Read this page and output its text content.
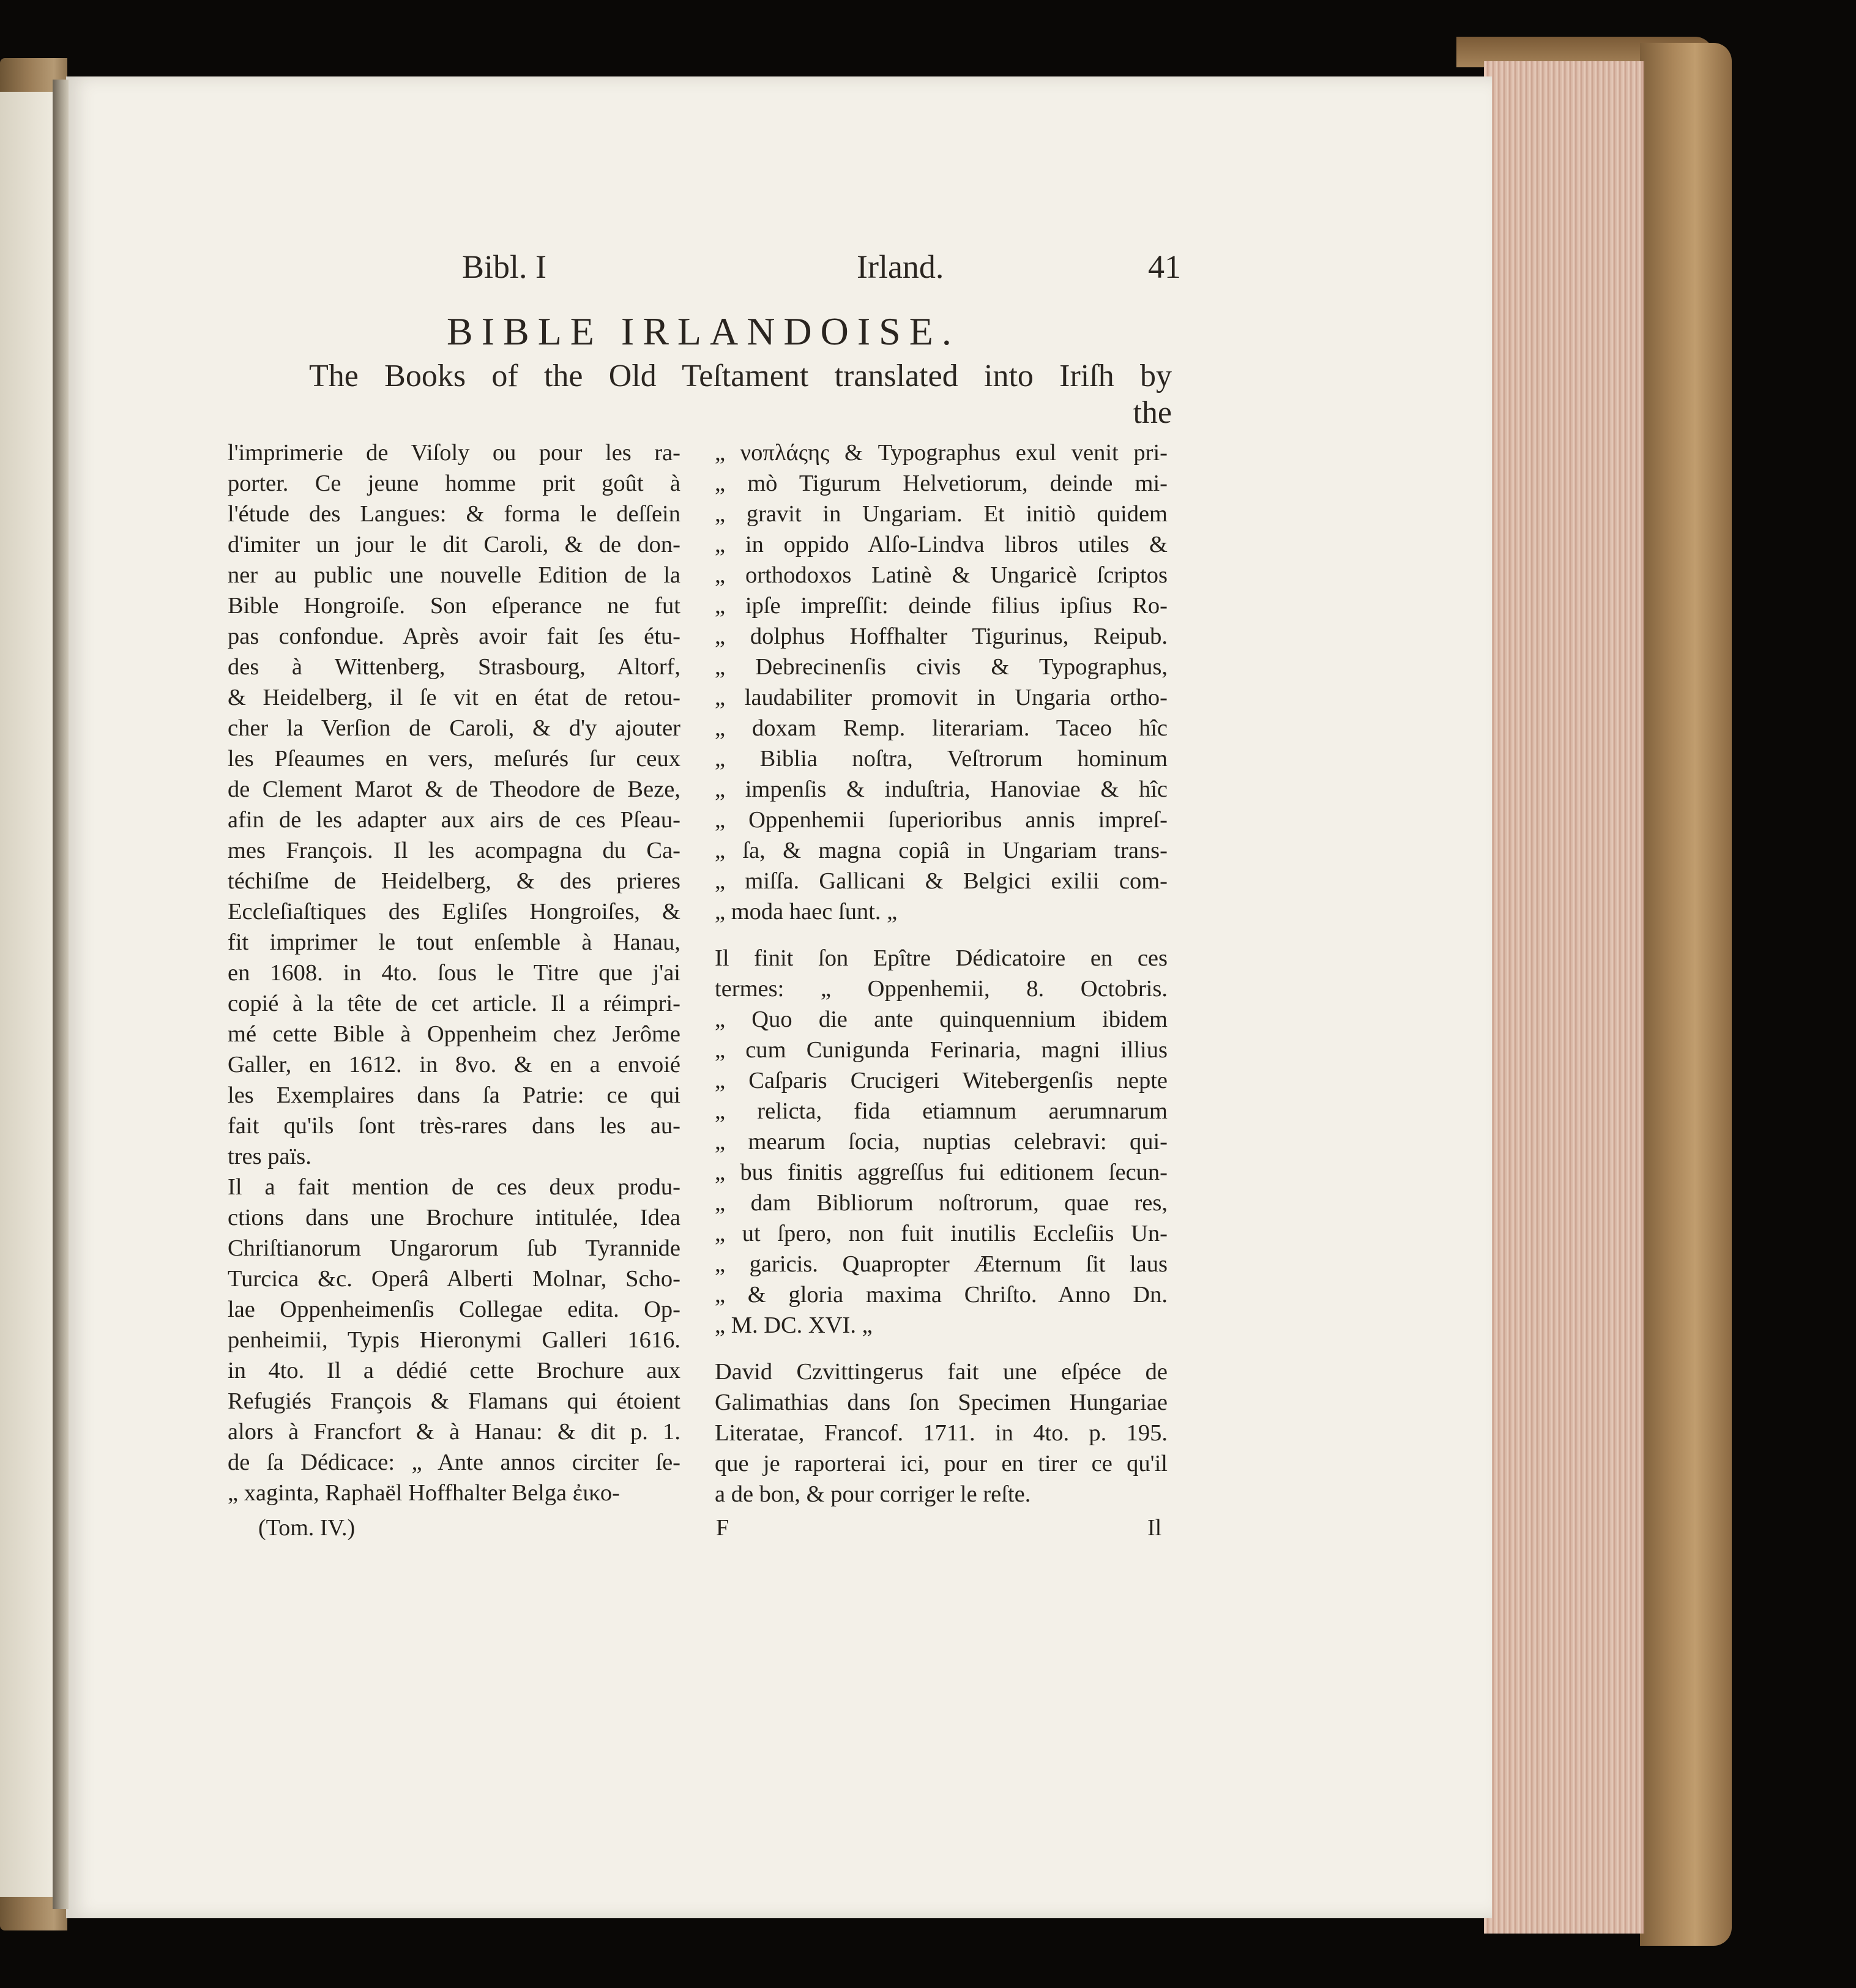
Bibl. I	Irland.	41
BIBLE IRLANDOISE.
The Books of the Old Teſtament translated into Iriſh by
the
l'imprimerie de Viſoly ou pour les ra-
porter. Ce jeune homme prit goût à
l'étude des Langues: & forma le deſſein
d'imiter un jour le dit Caroli, & de don-
ner au public une nouvelle Edition de la
Bible Hongroiſe. Son eſperance ne fut
pas confondue. Après avoir fait ſes étu-
des à Wittenberg, Strasbourg, Altorf,
& Heidelberg, il ſe vit en état de retou-
cher la Verſion de Caroli, & d'y ajouter
les Pſeaumes en vers, meſurés ſur ceux
de Clement Marot & de Theodore de Beze,
afin de les adapter aux airs de ces Pſeau-
mes François. Il les acompagna du Ca-
téchiſme de Heidelberg, & des prieres
Eccleſiaſtiques des Egliſes Hongroiſes, &
fit imprimer le tout enſemble à Hanau,
en 1608. in 4to. ſous le Titre que j'ai
copié à la tête de cet article. Il a réimpri-
mé cette Bible à Oppenheim chez Jerôme
Galler, en 1612. in 8vo. & en a envoié
les Exemplaires dans ſa Patrie: ce qui
fait qu'ils ſont très-rares dans les au-
tres païs.
Il a fait mention de ces deux produ-
ctions dans une Brochure intitulée, Idea
Chriſtianorum Ungarorum ſub Tyrannide
Turcica &c. Operâ Alberti Molnar, Scho-
lae Oppenheimenſis Collegae edita. Op-
penheimii, Typis Hieronymi Galleri 1616.
in 4to. Il a dédié cette Brochure aux
Refugiés François & Flamans qui étoient
alors à Francfort & à Hanau: & dit p. 1.
de ſa Dédicace: „ Ante annos circiter ſe-
„ xaginta, Raphaël Hoffhalter Belga ἐικο-
„ νοπλάςης & Typographus exul venit pri-
„ mò Tigurum Helvetiorum, deinde mi-
„ gravit in Ungariam. Et initiò quidem
„ in oppido Alſo-Lindva libros utiles &
„ orthodoxos Latinè & Ungaricè ſcriptos
„ ipſe impreſſit: deinde filius ipſius Ro-
„ dolphus Hoffhalter Tigurinus, Reipub.
„ Debrecinenſis civis & Typographus,
„ laudabiliter promovit in Ungaria ortho-
„ doxam Remp. literariam. Taceo hîc
„ Biblia noſtra, Veſtrorum hominum
„ impenſis & induſtria, Hanoviae & hîc
„ Oppenhemii ſuperioribus annis impreſ-
„ ſa, & magna copiâ in Ungariam trans-
„ miſſa. Gallicani & Belgici exilii com-
„ moda haec ſunt. „
Il finit ſon Epître Dédicatoire en ces
termes: „ Oppenhemii, 8. Octobris.
„ Quo die ante quinquennium ibidem
„ cum Cunigunda Ferinaria, magni illius
„ Caſparis Crucigeri Witebergenſis nepte
„ relicta, fida etiamnum aerumnarum
„ mearum ſocia, nuptias celebravi: qui-
„ bus finitis aggreſſus fui editionem ſecun-
„ dam Bibliorum noſtrorum, quae res,
„ ut ſpero, non fuit inutilis Eccleſiis Un-
„ garicis. Quapropter Æternum ſit laus
„ & gloria maxima Chriſto. Anno Dn.
„ M. DC. XVI. „
David Czvittingerus fait une eſpéce de
Galimathias dans ſon Specimen Hungariae
Literatae, Francof. 1711. in 4to. p. 195.
que je raporterai ici, pour en tirer ce qu'il
a de bon, & pour corriger le reſte.
(Tom. IV.)	F	Il
